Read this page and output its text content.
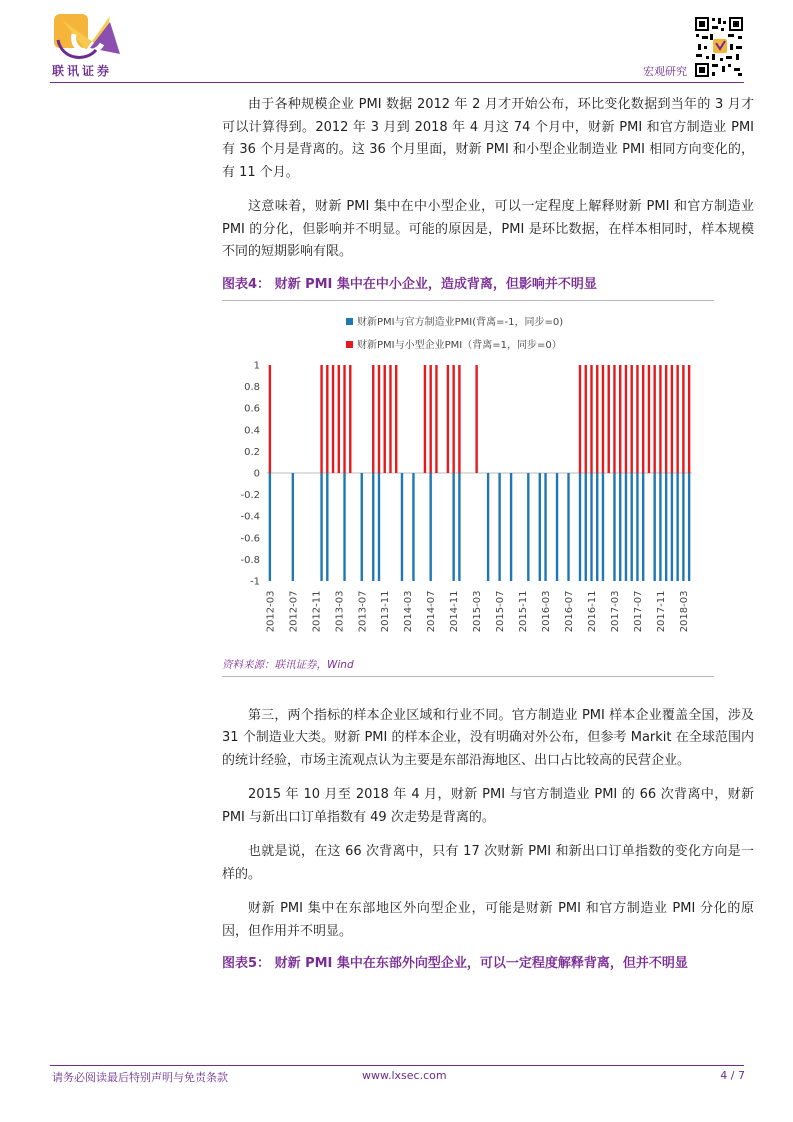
联讯证券	宏观研究

由于各种规模企业 PMI 数据 2012 年 2 月才开始公布，环比变化数据到当年的 3 月才可以计算得到。2012 年 3 月到 2018 年 4 月这 74 个月中，财新 PMI 和官方制造业 PMI 有 36 个月是背离的。这 36 个月里面，财新 PMI 和小型企业制造业 PMI 相同方向变化的，有 11 个月。

这意味着，财新 PMI 集中在中小型企业，可以一定程度上解释财新 PMI 和官方制造业 PMI 的分化，但影响并不明显。可能的原因是，PMI 是环比数据，在样本相同时，样本规模不同的短期影响有限。

图表4： 财新 PMI 集中在中小企业，造成背离，但影响并不明显
财新PMI与官方制造业PMI(背离=-1，同步=0)
财新PMI与小型企业PMI（背离=1，同步=0）
1
0.8
0.6
0.4
0.2
0
-0.2
-0.4
-0.6
-0.8
-1
2012-03 2012-07 2012-11 2013-03 2013-07 2013-11 2014-03 2014-07 2014-11 2015-03 2015-07 2015-11 2016-03 2016-07 2016-11 2017-03 2017-07 2017-11 2018-03
资料来源：联讯证券，Wind

第三，两个指标的样本企业区域和行业不同。官方制造业 PMI 样本企业覆盖全国，涉及 31 个制造业大类。财新 PMI 的样本企业，没有明确对外公布，但参考 Markit 在全球范围内的统计经验，市场主流观点认为主要是东部沿海地区、出口占比较高的民营企业。

2015 年 10 月至 2018 年 4 月，财新 PMI 与官方制造业 PMI 的 66 次背离中，财新 PMI 与新出口订单指数有 49 次走势是背离的。

也就是说，在这 66 次背离中，只有 17 次财新 PMI 和新出口订单指数的变化方向是一样的。

财新 PMI 集中在东部地区外向型企业，可能是财新 PMI 和官方制造业 PMI 分化的原因，但作用并不明显。

图表5： 财新 PMI 集中在东部外向型企业，可以一定程度解释背离，但并不明显
请务必阅读最后特别声明与免责条款	www.lxsec.com	4 / 7
